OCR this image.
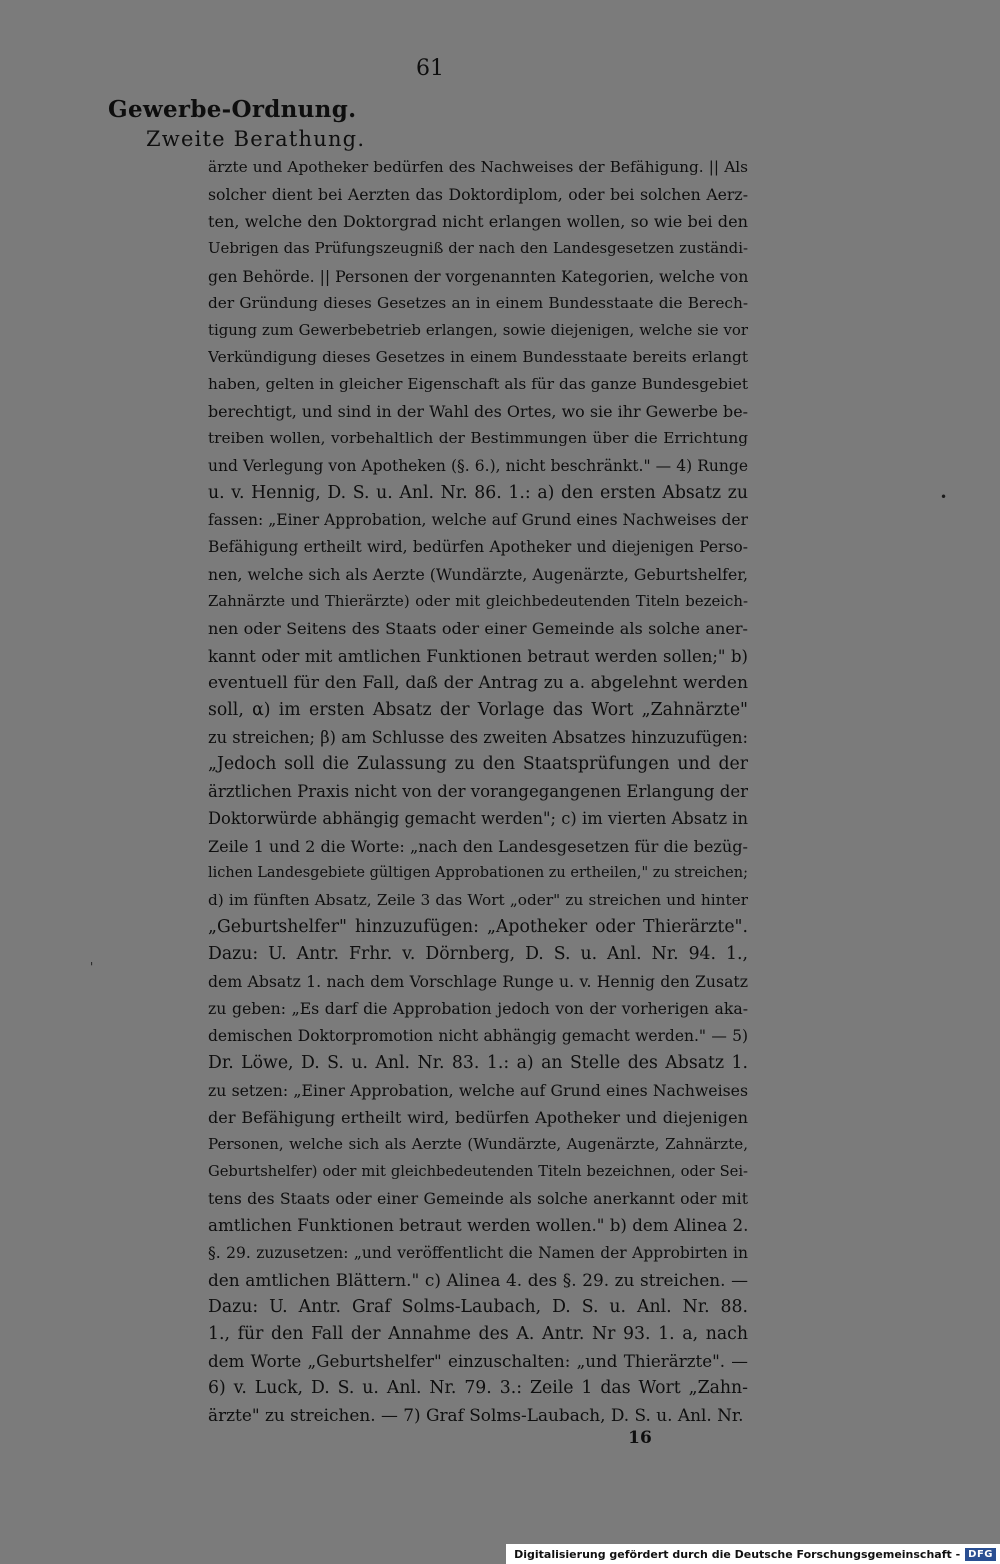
61
Gewerbe-Ordnung.
Zweite Berathung.
ärzte und Apotheker bedürfen des Nachweises der Befähigung. || Als
solcher dient bei Aerzten das Doktordiplom, oder bei solchen Aerz-
ten, welche den Doktorgrad nicht erlangen wollen, so wie bei den
Uebrigen das Prüfungszeugniß der nach den Landesgesetzen zuständi-
gen Behörde. || Personen der vorgenannten Kategorien, welche von
der Gründung dieses Gesetzes an in einem Bundesstaate die Berech-
tigung zum Gewerbebetrieb erlangen, sowie diejenigen, welche sie vor
Verkündigung dieses Gesetzes in einem Bundesstaate bereits erlangt
haben, gelten in gleicher Eigenschaft als für das ganze Bundesgebiet
berechtigt, und sind in der Wahl des Ortes, wo sie ihr Gewerbe be-
treiben wollen, vorbehaltlich der Bestimmungen über die Errichtung
und Verlegung von Apotheken (§. 6.), nicht beschränkt." — 4) Runge
u. v. Hennig, D. S. u. Anl. Nr. 86. 1.: a) den ersten Absatz zu
fassen: „Einer Approbation, welche auf Grund eines Nachweises der
Befähigung ertheilt wird, bedürfen Apotheker und diejenigen Perso-
nen, welche sich als Aerzte (Wundärzte, Augenärzte, Geburtshelfer,
Zahnärzte und Thierärzte) oder mit gleichbedeutenden Titeln bezeich-
nen oder Seitens des Staats oder einer Gemeinde als solche aner-
kannt oder mit amtlichen Funktionen betraut werden sollen;" b)
eventuell für den Fall, daß der Antrag zu a. abgelehnt werden
soll, α) im ersten Absatz der Vorlage das Wort „Zahnärzte"
zu streichen; β) am Schlusse des zweiten Absatzes hinzuzufügen:
„Jedoch soll die Zulassung zu den Staatsprüfungen und der
ärztlichen Praxis nicht von der vorangegangenen Erlangung der
Doktorwürde abhängig gemacht werden"; c) im vierten Absatz in
Zeile 1 und 2 die Worte: „nach den Landesgesetzen für die bezüg-
lichen Landesgebiete gültigen Approbationen zu ertheilen," zu streichen;
d) im fünften Absatz, Zeile 3 das Wort „oder" zu streichen und hinter
„Geburtshelfer" hinzuzufügen: „Apotheker oder Thierärzte".
Dazu: U. Antr. Frhr. v. Dörnberg, D. S. u. Anl. Nr. 94. 1.,
dem Absatz 1. nach dem Vorschlage Runge u. v. Hennig den Zusatz
zu geben: „Es darf die Approbation jedoch von der vorherigen aka-
demischen Doktorpromotion nicht abhängig gemacht werden." — 5)
Dr. Löwe, D. S. u. Anl. Nr. 83. 1.: a) an Stelle des Absatz 1.
zu setzen: „Einer Approbation, welche auf Grund eines Nachweises
der Befähigung ertheilt wird, bedürfen Apotheker und diejenigen
Personen, welche sich als Aerzte (Wundärzte, Augenärzte, Zahnärzte,
Geburtshelfer) oder mit gleichbedeutenden Titeln bezeichnen, oder Sei-
tens des Staats oder einer Gemeinde als solche anerkannt oder mit
amtlichen Funktionen betraut werden wollen." b) dem Alinea 2.
§. 29. zuzusetzen: „und veröffentlicht die Namen der Approbirten in
den amtlichen Blättern." c) Alinea 4. des §. 29. zu streichen. —
Dazu: U. Antr. Graf Solms-Laubach, D. S. u. Anl. Nr. 88.
1., für den Fall der Annahme des A. Antr. Nr 93. 1. a, nach
dem Worte „Geburtshelfer" einzuschalten: „und Thierärzte". —
6) v. Luck, D. S. u. Anl. Nr. 79. 3.: Zeile 1 das Wort „Zahn-
ärzte" zu streichen. — 7) Graf Solms-Laubach, D. S. u. Anl. Nr.
16
•
'
Digitalisierung gefördert durch die Deutsche Forschungsgemeinschaft - DFG
